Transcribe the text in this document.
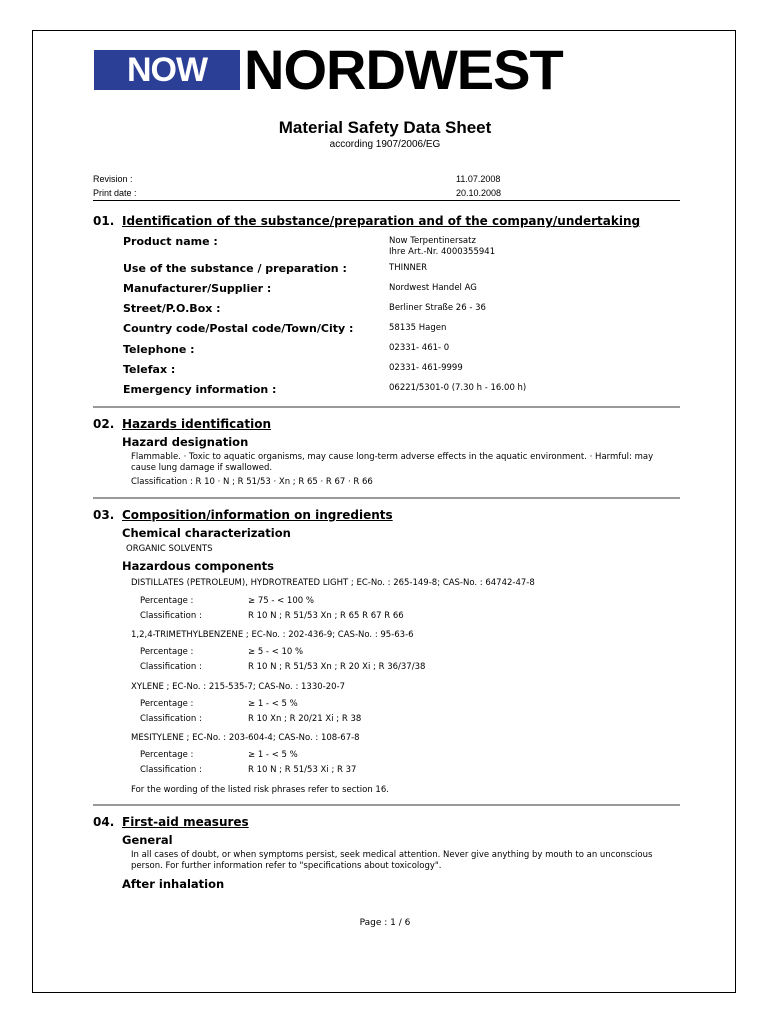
NOW NORDWEST
Material Safety Data Sheet
according 1907/2006/EG
Revision :	11.07.2008
Print date :	20.10.2008
01. Identification of the substance/preparation and of the company/undertaking
Product name :	Now Terpentinersatz
Ihre Art.-Nr. 4000355941
Use of the substance / preparation :	THINNER
Manufacturer/Supplier :	Nordwest Handel AG
Street/P.O.Box :	Berliner Straße 26 - 36
Country code/Postal code/Town/City :	58135 Hagen
Telephone :	02331- 461- 0
Telefax :	02331- 461-9999
Emergency information :	06221/5301-0 (7.30 h - 16.00 h)
02. Hazards identification
Hazard designation
Flammable. · Toxic to aquatic organisms, may cause long-term adverse effects in the aquatic environment. · Harmful: may
cause lung damage if swallowed.
Classification : R 10 · N ; R 51/53 · Xn ; R 65 · R 67 · R 66
03. Composition/information on ingredients
Chemical characterization
ORGANIC SOLVENTS
Hazardous components
DISTILLATES (PETROLEUM), HYDROTREATED LIGHT ; EC-No. : 265-149-8; CAS-No. : 64742-47-8
Percentage :	≥ 75 - < 100 %
Classification :	R 10 N ; R 51/53 Xn ; R 65 R 67 R 66
1,2,4-TRIMETHYLBENZENE ; EC-No. : 202-436-9; CAS-No. : 95-63-6
Percentage :	≥ 5 - < 10 %
Classification :	R 10 N ; R 51/53 Xn ; R 20 Xi ; R 36/37/38
XYLENE ; EC-No. : 215-535-7; CAS-No. : 1330-20-7
Percentage :	≥ 1 - < 5 %
Classification :	R 10 Xn ; R 20/21 Xi ; R 38
MESITYLENE ; EC-No. : 203-604-4; CAS-No. : 108-67-8
Percentage :	≥ 1 - < 5 %
Classification :	R 10 N ; R 51/53 Xi ; R 37
For the wording of the listed risk phrases refer to section 16.
04. First-aid measures
General
In all cases of doubt, or when symptoms persist, seek medical attention. Never give anything by mouth to an unconscious
person. For further information refer to "specifications about toxicology".
After inhalation
Page : 1 / 6
